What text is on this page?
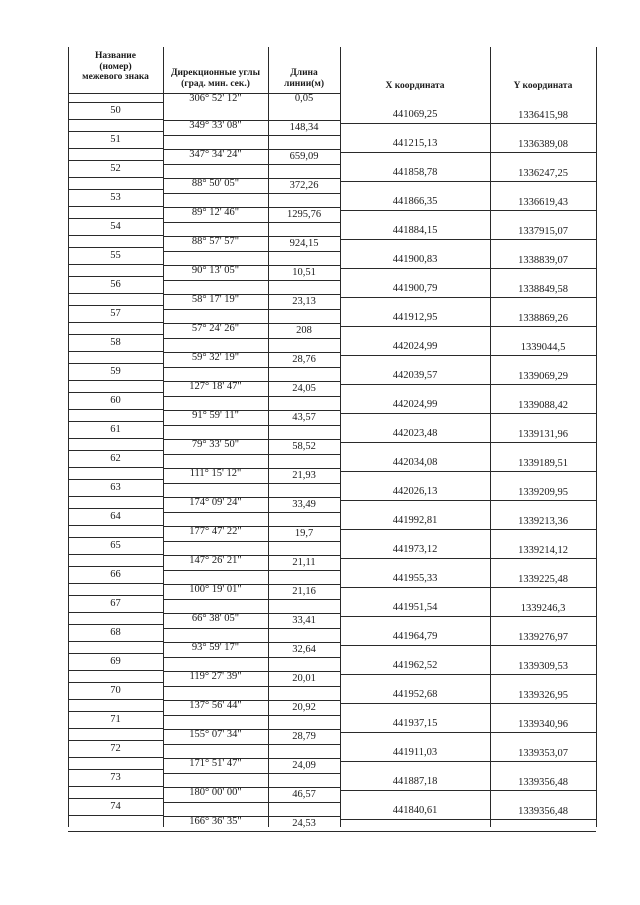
Название
(номер)
межевого знака	Дирекционные углы
(град. мин. сек.)
Длина
линии(м)	X координата	Y координата
306° 52' 12"	0,05
50	441069,25	1336415,98
349° 33' 08"	148,34
51	441215,13	1336389,08
347° 34' 24"	659,09
52	441858,78	1336247,25
88° 50' 05"	372,26
53	441866,35	1336619,43
89° 12' 46"	1295,76
54	441884,15	1337915,07
88° 57' 57"	924,15
55	441900,83	1338839,07
90° 13' 05"	10,51
56	441900,79	1338849,58
58° 17' 19"	23,13
57	441912,95	1338869,26
57° 24' 26"	208
58	442024,99	1339044,5
59° 32' 19"	28,76
59	442039,57	1339069,29
127° 18' 47"	24,05
60	442024,99	1339088,42
91° 59' 11"	43,57
61	442023,48	1339131,96
79° 33' 50"	58,52
62	442034,08	1339189,51
111° 15' 12"	21,93
63	442026,13	1339209,95
174° 09' 24"	33,49
64	441992,81	1339213,36
177° 47' 22"	19,7
65	441973,12	1339214,12
147° 26' 21"	21,11
66	441955,33	1339225,48
100° 19' 01"	21,16
67	441951,54	1339246,3
66° 38' 05"	33,41
68	441964,79	1339276,97
93° 59' 17"	32,64
69	441962,52	1339309,53
119° 27' 39"	20,01
70	441952,68	1339326,95
137° 56' 44"	20,92
71	441937,15	1339340,96
155° 07' 34"	28,79
72	441911,03	1339353,07
171° 51' 47"	24,09
73	441887,18	1339356,48
180° 00' 00"	46,57
74	441840,61	1339356,48
166° 36' 35"	24,53
